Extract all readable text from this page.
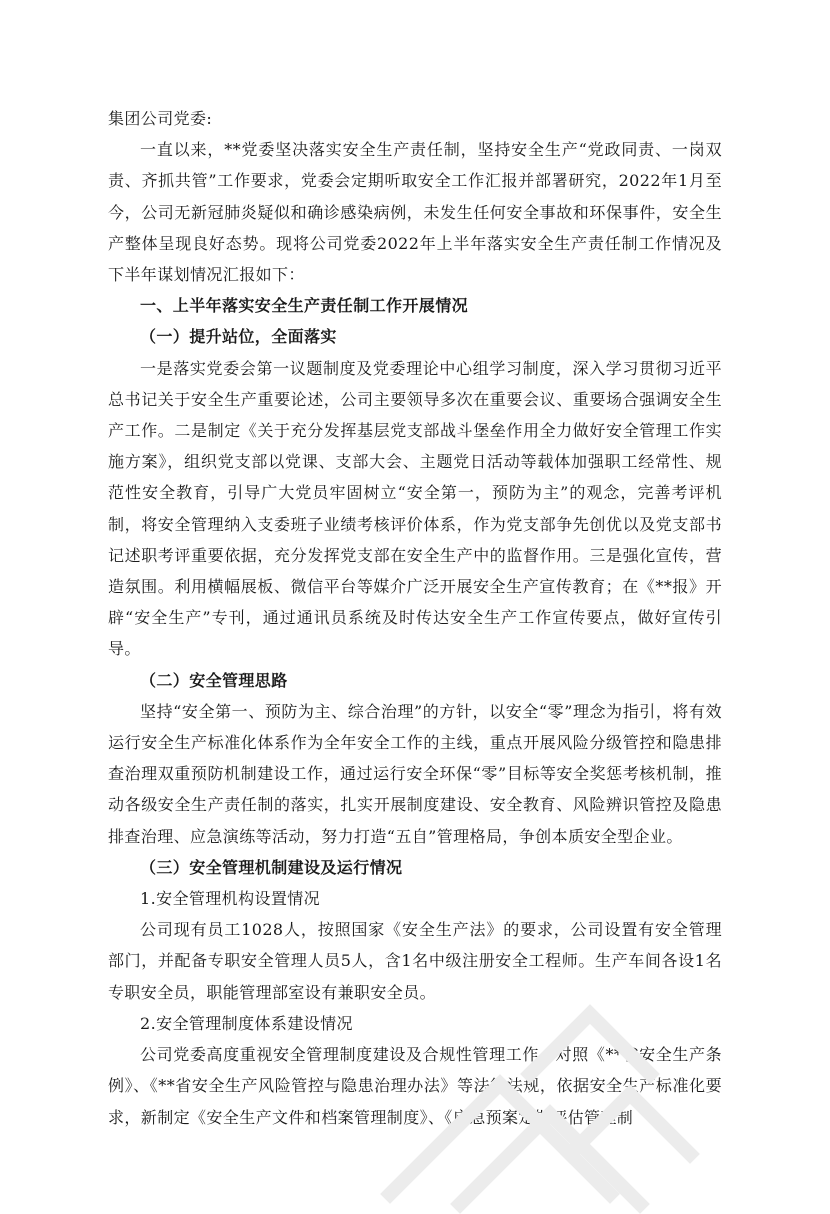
集团公司党委:

一直以来，**党委坚决落实安全生产责任制，坚持安全生产“党政同责、一岗双责、齐抓共管”工作要求，党委会定期听取安全工作汇报并部署研究，2022年1月至今，公司无新冠肺炎疑似和确诊感染病例，未发生任何安全事故和环保事件，安全生产整体呈现良好态势。现将公司党委2022年上半年落实安全生产责任制工作情况及下半年谋划情况汇报如下：

一、上半年落实安全生产责任制工作开展情况

（一）提升站位，全面落实

一是落实党委会第一议题制度及党委理论中心组学习制度，深入学习贯彻习近平总书记关于安全生产重要论述，公司主要领导多次在重要会议、重要场合强调安全生产工作。二是制定《关于充分发挥基层党支部战斗堡垒作用全力做好安全管理工作实施方案》，组织党支部以党课、支部大会、主题党日活动等载体加强职工经常性、规范性安全教育，引导广大党员牢固树立“安全第一，预防为主”的观念，完善考评机制，将安全管理纳入支委班子业绩考核评价体系，作为党支部争先创优以及党支部书记述职考评重要依据，充分发挥党支部在安全生产中的监督作用。三是强化宣传，营造氛围。利用横幅展板、微信平台等媒介广泛开展安全生产宣传教育；在《**报》开辟“安全生产”专刊，通过通讯员系统及时传达安全生产工作宣传要点，做好宣传引导。

（二）安全管理思路

坚持“安全第一、预防为主、综合治理”的方针，以安全“零”理念为指引，将有效运行安全生产标准化体系作为全年安全工作的主线，重点开展风险分级管控和隐患排查治理双重预防机制建设工作，通过运行安全环保“零”目标等安全奖惩考核机制，推动各级安全生产责任制的落实，扎实开展制度建设、安全教育、风险辨识管控及隐患排查治理、应急演练等活动，努力打造“五自”管理格局，争创本质安全型企业。

（三）安全管理机制建设及运行情况

1.安全管理机构设置情况

公司现有员工1028人，按照国家《安全生产法》的要求，公司设置有安全管理部门，并配备专职安全管理人员5人，含1名中级注册安全工程师。生产车间各设1名专职安全员，职能管理部室设有兼职安全员。

2.安全管理制度体系建设情况

公司党委高度重视安全管理制度建设及合规性管理工作，对照《**省安全生产条例》、《**省安全生产风险管控与隐患治理办法》等法律法规，依据安全生产标准化要求，新制定《安全生产文件和档案管理制度》、《应急预案定期评估管理制
